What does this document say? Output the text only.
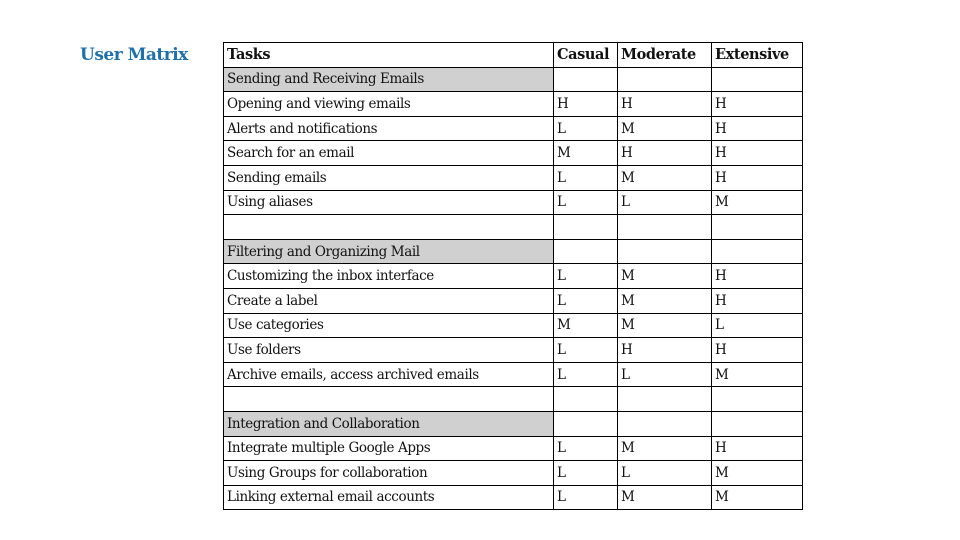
User Matrix	Tasks	Casual	Moderate	Extensive
Sending and Receiving Emails			
Opening and viewing emails	H	H	H
Alerts and notifications	L	M	H
Search for an email	M	H	H
Sending emails	L	M	H
Using aliases	L	L	M

Filtering and Organizing Mail			
Customizing the inbox interface	L	M	H
Create a label	L	M	H
Use categories	M	M	L
Use folders	L	H	H
Archive emails, access archived emails	L	L	M

Integration and Collaboration			
Integrate multiple Google Apps	L	M	H
Using Groups for collaboration	L	L	M
Linking external email accounts	L	M	M
